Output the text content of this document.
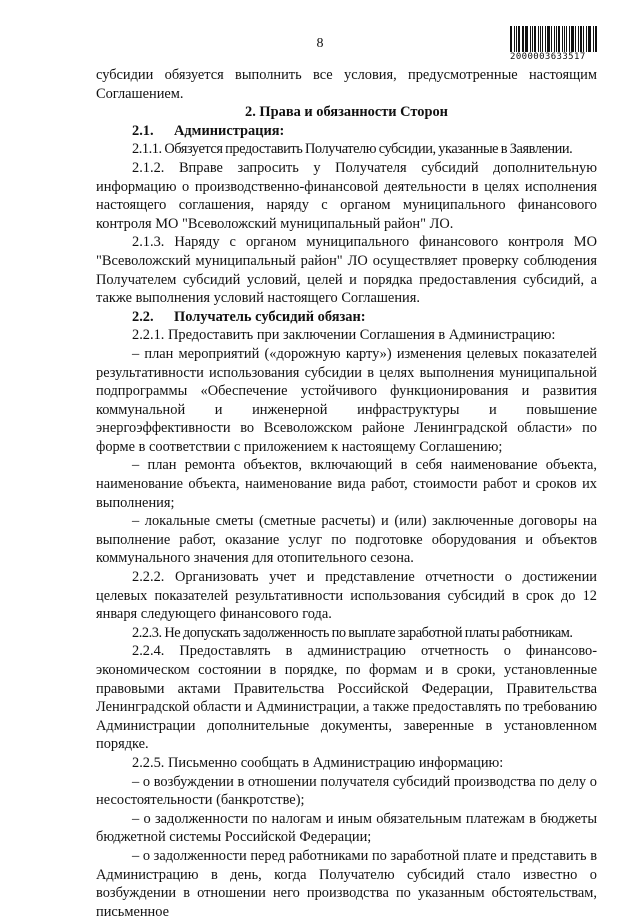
8
2000003633517

субсидии обязуется выполнить все условия, предусмотренные настоящим Соглашением.

2. Права и обязанности Сторон

2.1. Администрация:

2.1.1. Обязуется предоставить Получателю субсидии, указанные в Заявлении.

2.1.2. Вправе запросить у Получателя субсидий дополнительную информацию о производственно-финансовой деятельности в целях исполнения настоящего соглашения, наряду с органом муниципального финансового контроля МО "Всеволожский муниципальный район" ЛО.

2.1.3. Наряду с органом муниципального финансового контроля МО "Всеволожский муниципальный район" ЛО осуществляет проверку соблюдения Получателем субсидий условий, целей и порядка предоставления субсидий, а также выполнения условий настоящего Соглашения.

2.2. Получатель субсидий обязан:

2.2.1. Предоставить при заключении Соглашения в Администрацию:

– план мероприятий («дорожную карту») изменения целевых показателей результативности использования субсидии в целях выполнения муниципальной подпрограммы «Обеспечение устойчивого функционирования и развития коммунальной и инженерной инфраструктуры и повышение энергоэффективности во Всеволожском районе Ленинградской области» по форме в соответствии с приложением к настоящему Соглашению;

– план ремонта объектов, включающий в себя наименование объекта, наименование объекта, наименование вида работ, стоимости работ и сроков их выполнения;

– локальные сметы (сметные расчеты) и (или) заключенные договоры на выполнение работ, оказание услуг по подготовке оборудования и объектов коммунального значения для отопительного сезона.

2.2.2. Организовать учет и представление отчетности о достижении целевых показателей результативности использования субсидий в срок до 12 января следующего финансового года.

2.2.3. Не допускать задолженность по выплате заработной платы работникам.

2.2.4. Предоставлять в администрацию отчетность о финансово-экономическом состоянии в порядке, по формам и в сроки, установленные правовыми актами Правительства Российской Федерации, Правительства Ленинградской области и Администрации, а также предоставлять по требованию Администрации дополнительные документы, заверенные в установленном порядке.

2.2.5. Письменно сообщать в Администрацию информацию:

– о возбуждении в отношении получателя субсидий производства по делу о несостоятельности (банкротстве);

– о задолженности по налогам и иным обязательным платежам в бюджеты бюджетной системы Российской Федерации;

– о задолженности перед работниками по заработной плате и представить в Администрацию в день, когда Получателю субсидий стало известно о возбуждении в отношении него производства по указанным обстоятельствам, письменное
